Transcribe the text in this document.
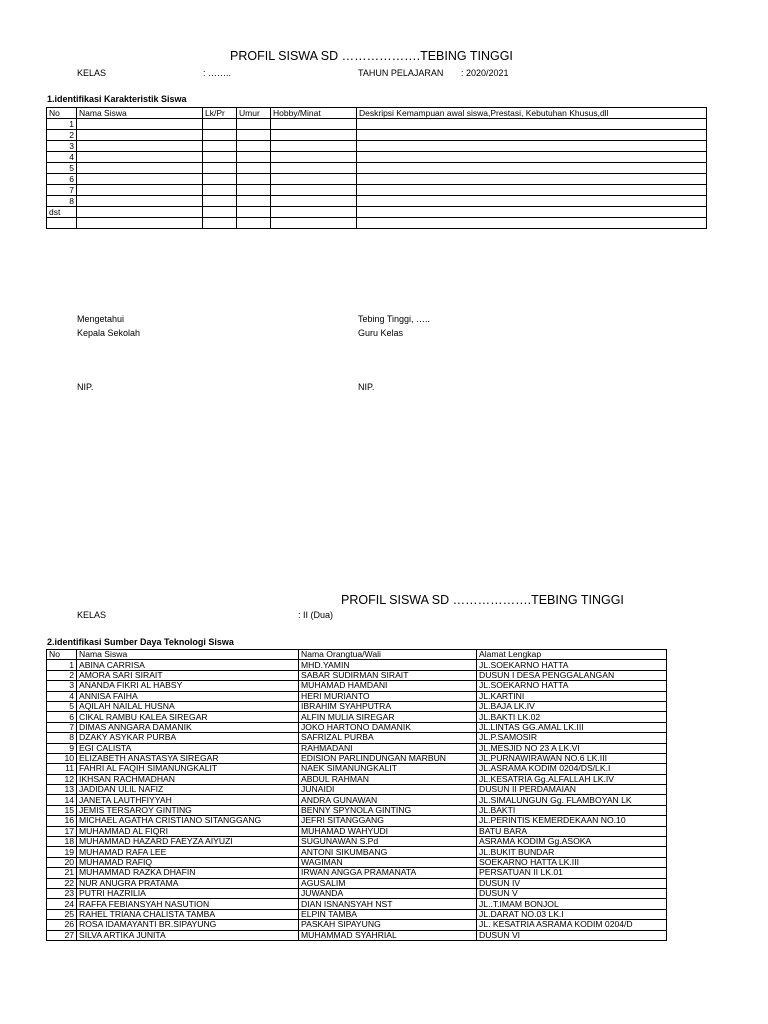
PROFIL SISWA SD ……………….TEBING TINGGI
KELAS	: ……..	TAHUN PELAJARAN : 2020/2021
1.identifikasi Karakteristik Siswa
No	Nama Siswa	Lk/Pr	Umur	Hobby/Minat	Deskripsi Kemampuan awal siswa,Prestasi, Kebutuhan Khusus,dll
1					
2					
3					
4					
5					
6					
7					
8					
dst					

Mengetahui
Kepala Sekolah
Tebing Tinggi, …..
Guru Kelas
NIP.	NIP.
PROFIL SISWA SD ……………….TEBING TINGGI
KELAS	: II (Dua)
2.identifikasi Sumber Daya Teknologi Siswa
No	Nama Siswa	Nama Orangtua/Wali	Alamat Lengkap
1	ABINA CARRISA	MHD.YAMIN	JL.SOEKARNO HATTA
2	AMORA SARI SIRAIT	SABAR SUDIRMAN SIRAIT	DUSUN I DESA PENGGALANGAN
3	ANANDA FIKRI AL HABSY	MUHAMAD HAMDANI	JL.SOEKARNO HATTA
4	ANNISA FAIHA	HERI MURIANTO	JL.KARTINI
5	AQILAH NAILAL HUSNA	IBRAHIM SYAHPUTRA	JL.BAJA LK.IV
6	CIKAL RAMBU KALEA SIREGAR	ALFIN MULIA SIREGAR	JL.BAKTI LK.02
7	DIMAS ANNGARA DAMANIK	JOKO HARTONO DAMANIK	JL.LINTAS GG.AMAL LK.III
8	DZAKY ASYKAR PURBA	SAFRIZAL PURBA	JL.P.SAMOSIR
9	EGI CALISTA	RAHMADANI	JL.MESJID NO 23 A LK.VI
10	ELIZABETH ANASTASYA SIREGAR	EDISION PARLINDUNGAN MARBUN	JL.PURNAWIRAWAN NO.6 LK.III
11	FAHRI AL FAQIH SIMANUNGKALIT	NAEK SIMANUNGKALIT	JL.ASRAMA KODIM 0204/DS/LK.I
12	IKHSAN RACHMADHAN	ABDUL RAHMAN	JL.KESATRIA Gg.ALFALLAH LK.IV
13	JADIDAN ULIL NAFIZ	JUNAIDI	DUSUN II PERDAMAIAN
14	JANETA LAUTHFIYYAH	ANDRA GUNAWAN	JL.SIMALUNGUN Gg. FLAMBOYAN LK
15	JEMIS TERSAROY GINTING	BENNY SPYNOLA GINTING	JL.BAKTI
16	MICHAEL AGATHA CRISTIANO SITANGGANG	JEFRI SITANGGANG	JL.PERINTIS KEMERDEKAAN NO.10
17	MUHAMMAD AL FIQRI	MUHAMAD WAHYUDI	BATU BARA
18	MUHAMMAD HAZARD FAEYZA AIYUZI	SUGUNAWAN S.Pd	ASRAMA KODIM Gg.ASOKA
19	MUHAMAD RAFA LEE	ANTONI SIKUMBANG	JL.BUKIT BUNDAR
20	MUHAMAD RAFIQ	WAGIMAN	SOEKARNO HATTA LK.III
21	MUHAMMAD RAZKA DHAFIN	IRWAN ANGGA PRAMANATA	PERSATUAN II LK.01
22	NUR ANUGRA PRATAMA	AGUSALIM	DUSUN IV
23	PUTRI HAZRILIA	JUWANDA	DUSUN V
24	RAFFA FEBIANSYAH NASUTION	DIAN ISNANSYAH NST	JL..T.IMAM BONJOL
25	RAHEL TRIANA CHALISTA TAMBA	ELPIN TAMBA	JL.DARAT NO.03 LK.I
26	ROSA IDAMAYANTI BR.SIPAYUNG	PASKAH SIPAYUNG	JL. KESATRIA ASRAMA KODIM 0204/D
27	SILVA ARTIKA JUNITA	MUHAMMAD SYAHRIAL	DUSUN VI
